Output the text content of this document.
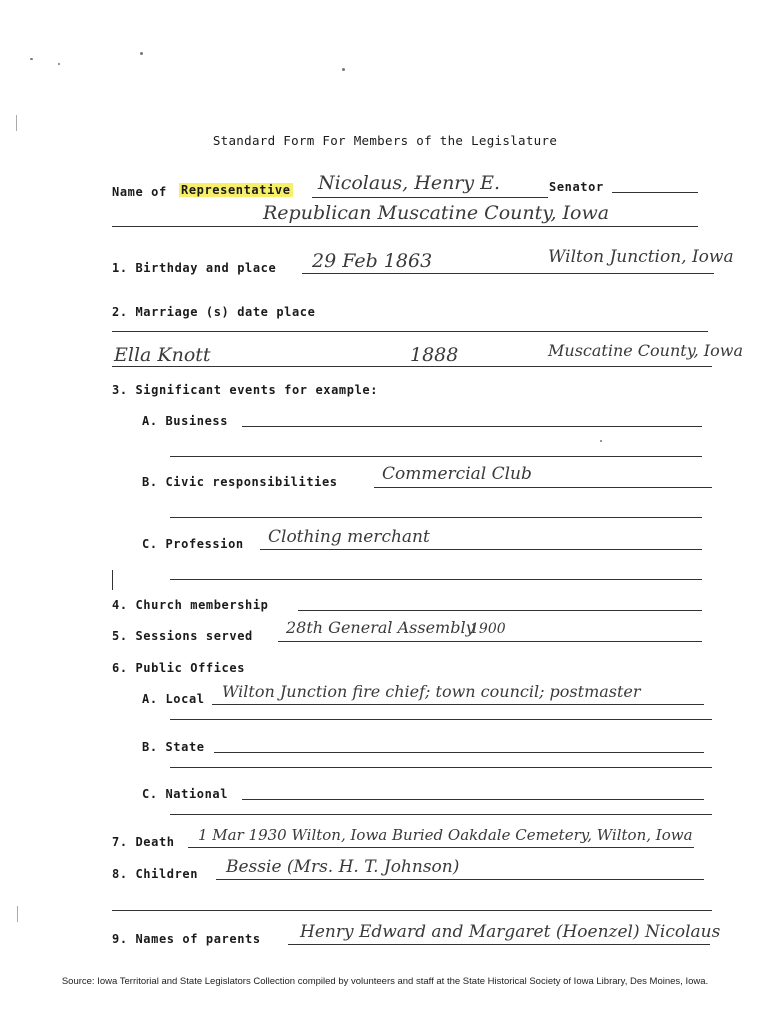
Standard Form For Members of the Legislature
Name of Representative Nicolaus, Henry E.	Senator
Republican Muscatine County, Iowa
1. Birthday and place 29 Feb 1863	Wilton Junction, Iowa
2. Marriage (s) date place
Ella Knott	1888	Muscatine County, Iowa
3. Significant events for example:
A. Business
B. Civic responsibilities	Commercial Club
C. Profession Clothing merchant
4. Church membership
5. Sessions served 28th General Assembly
1900
6. Public Offices
A. Local Wilton Junction fire chief; town council; postmaster
B. State
C. National
7. Death 1 Mar 1930 Wilton, Iowa Buried Oakdale Cemetery, Wilton, Iowa
8. Children Bessie (Mrs. H. T. Johnson)
9. Names of parents Henry Edward and Margaret (Hoenzel) Nicolaus
Source: Iowa Territorial and State Legislators Collection compiled by volunteers and staff at the State Historical Society of Iowa Library, Des Moines, Iowa.
